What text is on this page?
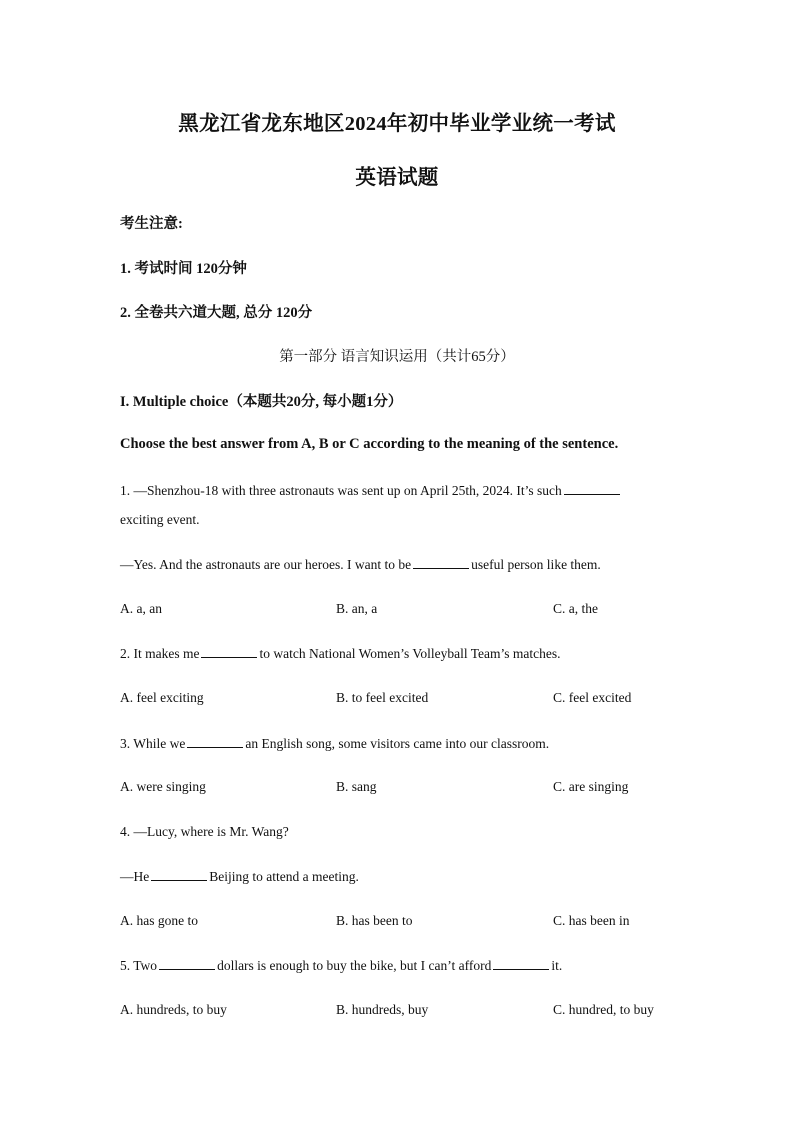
黑龙江省龙东地区2024年初中毕业学业统一考试
英语试题
考生注意:
1. 考试时间 120分钟
2. 全卷共六道大题, 总分 120分
第一部分 语言知识运用（共计65分）
I. Multiple choice（本题共20分, 每小题1分）
Choose the best answer from A, B or C according to the meaning of the sentence.
1. —Shenzhou-18 with three astronauts was sent up on April 25th, 2024. It’s such
exciting event.
—Yes. And the astronauts are our heroes. I want to be	useful person like them.
A. a, an	B. an, a	C. a, the
2. It makes me	to watch National Women’s Volleyball Team’s matches.
A. feel exciting	B. to feel excited	C. feel excited
3. While we	an English song, some visitors came into our classroom.
A. were singing	B. sang	C. are singing
4. —Lucy, where is Mr. Wang?
—He	Beijing to attend a meeting.
A. has gone to	B. has been to	C. has been in
5. Two	dollars is enough to buy the bike, but I can’t afford	it.
A. hundreds, to buy	B. hundreds, buy	C. hundred, to buy
